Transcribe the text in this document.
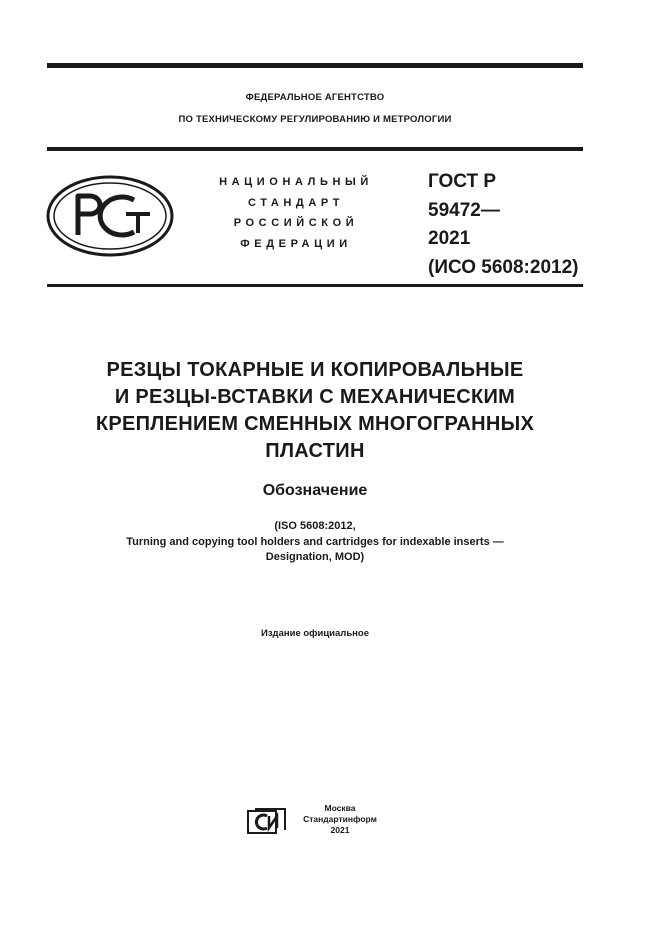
ФЕДЕРАЛЬНОЕ АГЕНТСТВО
ПО ТЕХНИЧЕСКОМУ РЕГУЛИРОВАНИЮ И МЕТРОЛОГИИ
НАЦИОНАЛЬНЫЙ
СТАНДАРТ
РОССИЙСКОЙ
ФЕДЕРАЦИИ
ГОСТ Р
59472—
2021
(ИСО 5608:2012)
РЕЗЦЫ ТОКАРНЫЕ И КОПИРОВАЛЬНЫЕ
И РЕЗЦЫ-ВСТАВКИ С МЕХАНИЧЕСКИМ
КРЕПЛЕНИЕМ СМЕННЫХ МНОГОГРАННЫХ
ПЛАСТИН
Обозначение
(ISO 5608:2012,
Turning and copying tool holders and cartridges for indexable inserts —
Designation, MOD)
Издание официальное
Москва
Стандартинформ
2021
